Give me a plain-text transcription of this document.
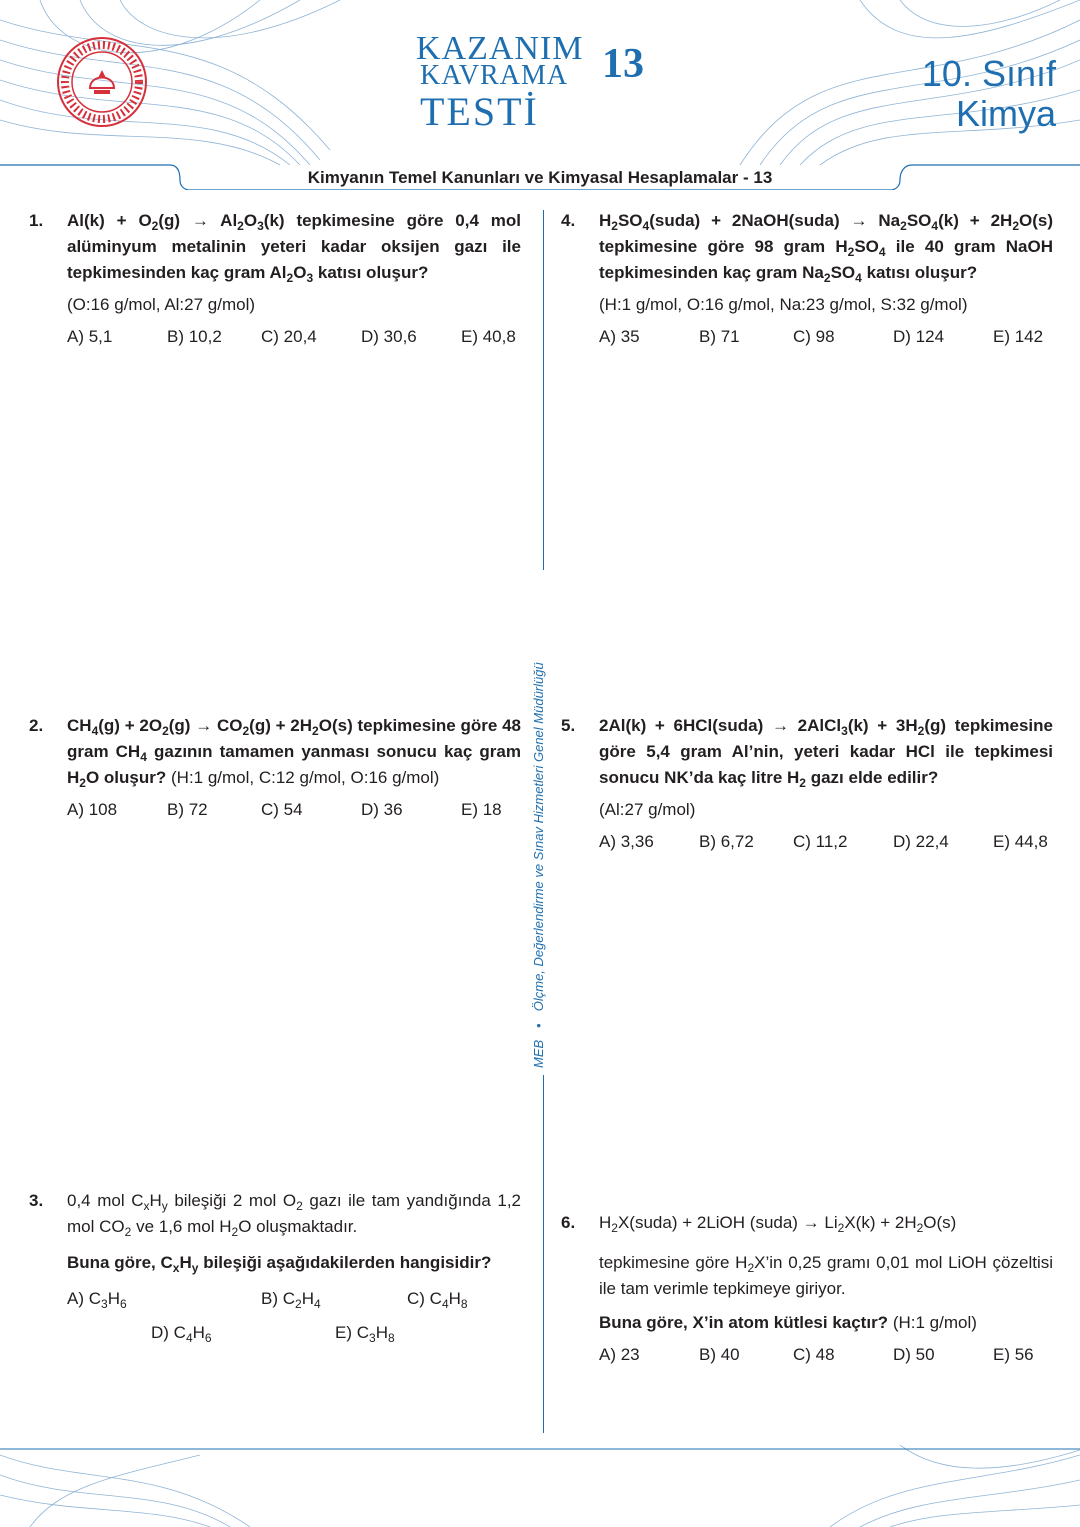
KAZANIM
KAVRAMA
TESTİ
13	10. Sınıf
Kimya
Kimyanın Temel Kanunları ve Kimyasal Hesaplamalar - 13
MEB•Ölçme, Değerlendirme ve Sınav Hizmetleri Genel Müdürlüğü
1. $Al(k) + O_2(g) \to Al_2O_3(k)$ tepkimesine göre 0,4 mol alüminyum metalinin yeteri kadar oksijen gazı ile tepkimesinden kaç gram $Al_2O_3$ katısı oluşur?
(O:16 g/mol, Al:27 g/mol)
A) 5,1	B) 10,2 C) 20,4	D) 30,6	E) 40,8
2. $CH_4(g) + 2O_2(g) \to CO_2(g) + 2H_2O(s)$ tepkimesine göre 48 gram $CH_4$ gazının tamamen yanması sonucu kaç gram $H_2O$ oluşur? (H:1 g/mol, C:12 g/mol, O:16 g/mol)
A) 108	B) 72	C) 54	D) 36	E) 18
3. 0,4 mol $C_xH_y$ bileşiği 2 mol $O_2$ gazı ile tam yandığında 1,2 mol $CO_2$ ve 1,6 mol $H_2O$ oluşmaktadır.
Buna göre, $C_xH_y$ bileşiği aşağıdakilerden hangisidir?
A) $C_3H_6$	B) $C_2H_4$	C) $C_4H_8$
D) $C_4H_6$	E) $C_3H_8$
4. $H_2SO_4(suda)$ + 2NaOH(suda) → $Na_2SO_4(k) + 2H_2O(s)$ tepkimesine göre 98 gram $H_2SO_4$ ile 40 gram NaOH tepkimesinden kaç gram $Na_2SO_4$ katısı oluşur?
(H:1 g/mol, O:16 g/mol, Na:23 g/mol, S:32 g/mol)
A) 35	B) 71	C) 98	D) 124	E) 142
5. 2Al(k) + 6HCl(suda) → 2AlCl$_3$(k) + $3H_2(g)$ tepkimesine göre 5,4 gram Al’nin, yeteri kadar HCl ile tepkimesi sonucu NK’da kaç litre $H_2$ gazı elde edilir?
(Al:27 g/mol)
A) 3,36	B) 6,72 C) 11,2	D) 22,4	E) 44,8
6. $H_2X(suda)$ + 2LiOH (suda) → $Li_2X(k) + 2H_2O(s)$
tepkimesine göre $H_2X’in$ 0,25 gramı 0,01 mol LiOH çözeltisi ile tam verimle tepkimeye giriyor.
Buna göre, X’in atom kütlesi kaçtır? (H:1 g/mol)
A) 23	B) 40	C) 48	D) 50	E) 56
